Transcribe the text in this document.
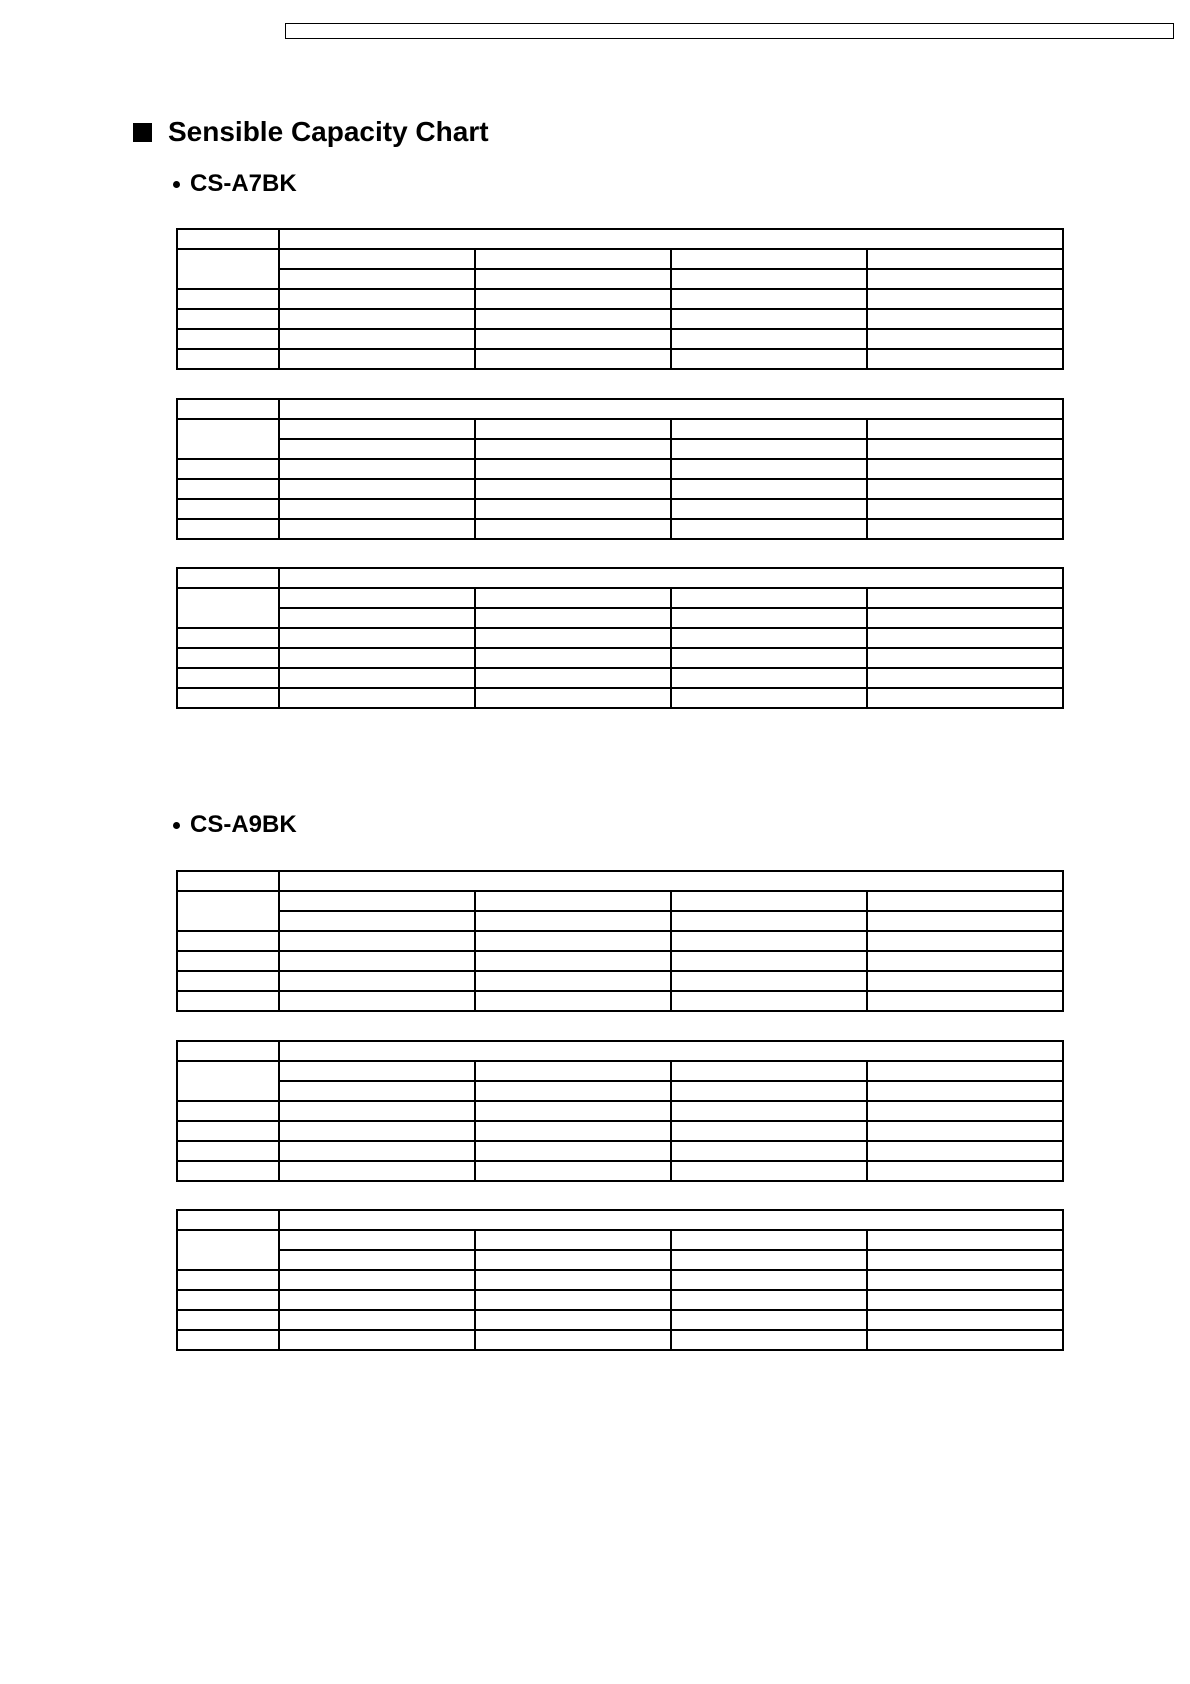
Sensible Capacity Chart
CS-A7BK
CS-A9BK
